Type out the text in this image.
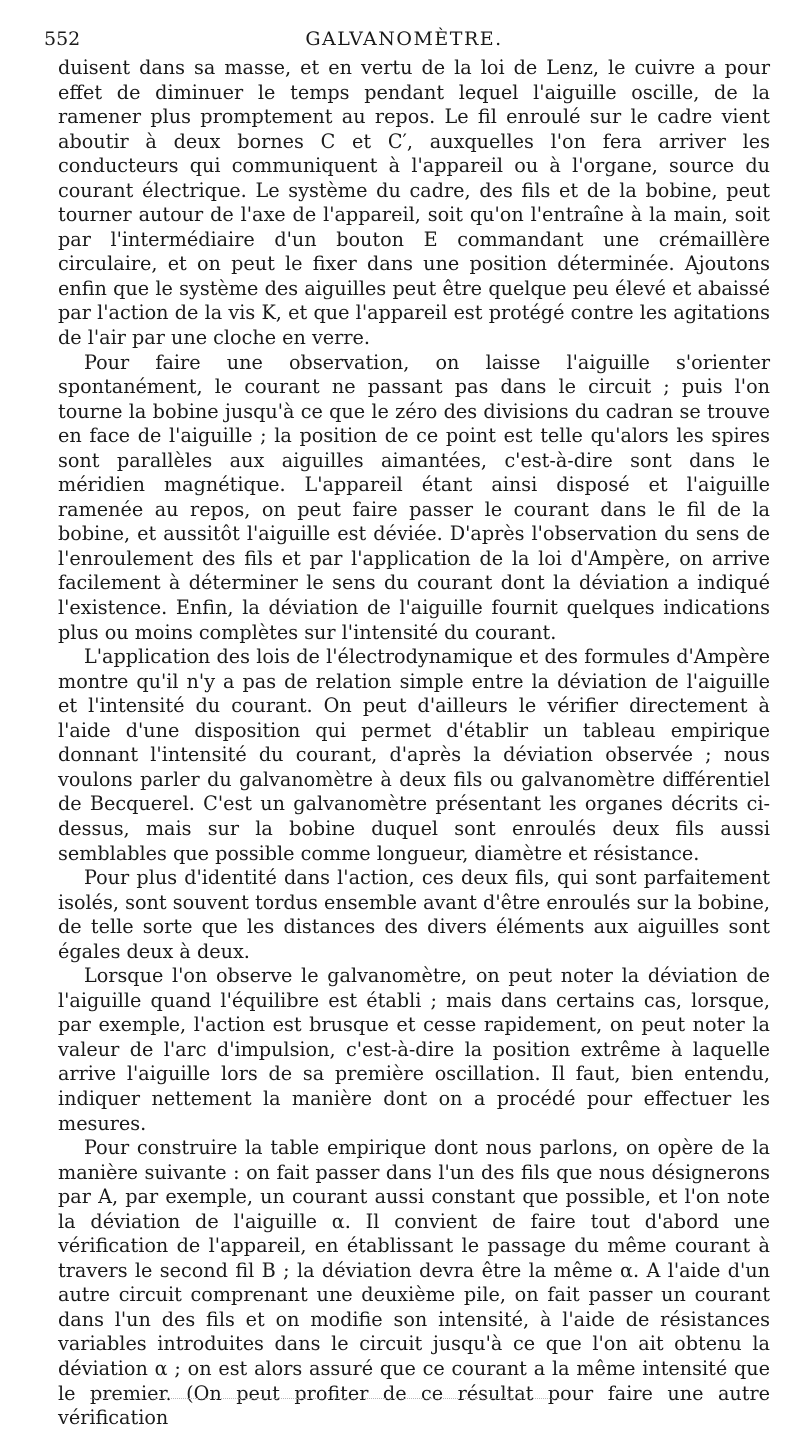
552	GALVANOMÈTRE.

duisent dans sa masse, et en vertu de la loi de Lenz, le cuivre a pour effet de diminuer le temps pendant lequel l'aiguille oscille, de la ramener plus promptement au repos. Le fil enroulé sur le cadre vient aboutir à deux bornes C et C′, auxquelles l'on fera arriver les conducteurs qui communiquent à l'appareil ou à l'organe, source du courant électrique. Le système du cadre, des fils et de la bobine, peut tourner autour de l'axe de l'appareil, soit qu'on l'entraîne à la main, soit par l'intermédiaire d'un bouton E commandant une crémaillère circulaire, et on peut le fixer dans une position déterminée. Ajoutons enfin que le système des aiguilles peut être quelque peu élevé et abaissé par l'action de la vis K, et que l'appareil est protégé contre les agitations de l'air par une cloche en verre.

Pour faire une observation, on laisse l'aiguille s'orienter spontanément, le courant ne passant pas dans le circuit ; puis l'on tourne la bobine jusqu'à ce que le zéro des divisions du cadran se trouve en face de l'aiguille ; la position de ce point est telle qu'alors les spires sont parallèles aux aiguilles aimantées, c'est-à-dire sont dans le méridien magnétique. L'appareil étant ainsi disposé et l'aiguille ramenée au repos, on peut faire passer le courant dans le fil de la bobine, et aussitôt l'aiguille est déviée. D'après l'observation du sens de l'enroulement des fils et par l'application de la loi d'Ampère, on arrive facilement à déterminer le sens du courant dont la déviation a indiqué l'existence. Enfin, la déviation de l'aiguille fournit quelques indications plus ou moins complètes sur l'intensité du courant.

L'application des lois de l'électrodynamique et des formules d'Ampère montre qu'il n'y a pas de relation simple entre la déviation de l'aiguille et l'intensité du courant. On peut d'ailleurs le vérifier directement à l'aide d'une disposition qui permet d'établir un tableau empirique donnant l'intensité du courant, d'après la déviation observée ; nous voulons parler du galvanomètre à deux fils ou galvanomètre différentiel de Becquerel. C'est un galvanomètre présentant les organes décrits ci-dessus, mais sur la bobine duquel sont enroulés deux fils aussi semblables que possible comme longueur, diamètre et résistance.

Pour plus d'identité dans l'action, ces deux fils, qui sont parfaitement isolés, sont souvent tordus ensemble avant d'être enroulés sur la bobine, de telle sorte que les distances des divers éléments aux aiguilles sont égales deux à deux.

Lorsque l'on observe le galvanomètre, on peut noter la déviation de l'aiguille quand l'équilibre est établi ; mais dans certains cas, lorsque, par exemple, l'action est brusque et cesse rapidement, on peut noter la valeur de l'arc d'impulsion, c'est-à-dire la position extrême à laquelle arrive l'aiguille lors de sa première oscillation. Il faut, bien entendu, indiquer nettement la manière dont on a procédé pour effectuer les mesures.

Pour construire la table empirique dont nous parlons, on opère de la manière suivante : on fait passer dans l'un des fils que nous désignerons par A, par exemple, un courant aussi constant que possible, et l'on note la déviation de l'aiguille α. Il convient de faire tout d'abord une vérification de l'appareil, en établissant le passage du même courant à travers le second fil B ; la déviation devra être la même α. A l'aide d'un autre circuit comprenant une deuxième pile, on fait passer un courant dans l'un des fils et on modifie son intensité, à l'aide de résistances variables introduites dans le circuit jusqu'à ce que l'on ait obtenu la déviation α ; on est alors assuré que ce courant a la même intensité que le premier. (On peut profiter de ce résultat pour faire une autre vérification
